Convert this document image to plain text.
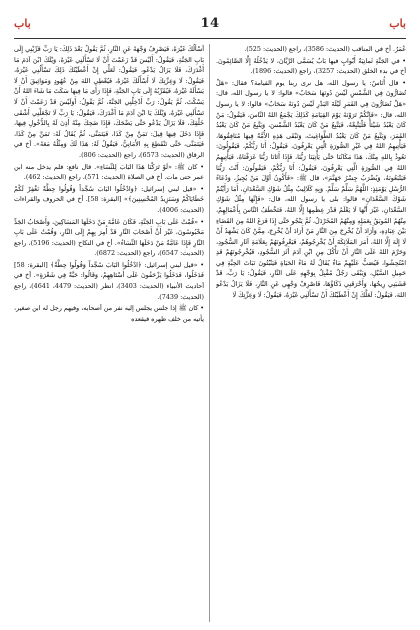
باب	14	باب

أَسْأَلُكَ غَيْرَهُ، فَيَصْرِفُ وَجْهَهُ عَنِ النَّارِ، ثُمَّ يَقُولُ بَعْدَ ذَلِكَ: يَا رَبِّ قَرِّبْنِي إِلَى بَابِ الجَنَّةِ، فَيَقُولُ: أَلَيْسَ قَدْ زَعَمْتَ أَنْ لَا تَسْأَلَنِي غَيْرَهُ، وَيْلَكَ ابْنَ آدَمَ مَا أَغْدَرَكَ، فَلَا يَزَالُ يَدْعُو، فَيَقُولُ: لَعَلِّي إِنْ أَعْطَيْتُكَ ذَلِكَ تَسْأَلُنِي غَيْرَهُ، فَيَقُولُ: لَا وَعِزَّتِكَ لَا أَسْأَلُكَ غَيْرَهُ، فَيُعْطِي اللهَ مِنْ عُهُودٍ وَمَوَاثِيقَ أَنْ لَا يَسْأَلَهُ غَيْرَهُ، فَيُقَرِّبُهُ إِلَى بَابِ الجَنَّةِ، فَإِذَا رَأَى مَا فِيهَا سَكَتَ مَا شَاءَ اللهُ أَنْ يَسْكُتَ، ثُمَّ يَقُولُ: رَبِّ أَدْخِلْنِي الجَنَّةَ، ثُمَّ يَقُولُ: أَوَلَيْسَ قَدْ زَعَمْتَ أَنْ لَا تَسْأَلَنِي غَيْرَهُ، وَيْلَكَ يَا ابْنَ آدَمَ مَا أَغْدَرَكَ، فَيَقُولُ: يَا رَبِّ لَا تَجْعَلْنِي أَشْقَى خَلْقِكَ، فَلَا يَزَالُ يَدْعُو حَتَّى يَضْحَكَ، فَإِذَا ضَحِكَ مِنْهُ أَذِنَ لَهُ بِالدُّخُولِ فِيهَا، فَإِذَا دَخَلَ فِيهَا قِيلَ: تَمَنَّ مِنْ كَذَا، فَيَتَمَنَّى، ثُمَّ يُقَالُ لَهُ: تَمَنَّ مِنْ كَذَا، فَيَتَمَنَّى، حَتَّى تَنْقَطِعَ بِهِ الأَمَانِيُّ، فَيَقُولُ لَهُ: هَذَا لَكَ وَمِثْلُهُ مَعَهُ». أخ في الرقاق (الحديث: 6573)، راجع (الحديث: 806).

• كان ﷺ: «لَوْ تَرَكْنَا هَذَا البَابَ لِلنِّسَاءِ». قال نافع: فلم يدخل منه ابن عمر حتى مات. أخ في الصلاة (الحديث: 571)، راجع (الحديث: 462).

• «قيل لبني إسرائيل: ﴿وَادْخُلُوا البَابَ سُجَّداً وَقُولُوا حِطَّةٌ نَغْفِرْ لَكُمْ خَطَايَاكُمْ وَسَنَزِيدُ المُحْسِنِينَ﴾» [البقرة: 58]. أخ في الحروف والقراءات (الحديث: 4006).

• «قُمْتُ عَلَى بَابِ الجَنَّةِ، فَكَانَ عَامَّةَ مَنْ دَخَلَهَا المَسَاكِينَ، وَأَصْحَابُ الجَدِّ مَحْبُوسُونَ، غَيْرَ أَنَّ أَصْحَابَ النَّارِ قَدْ أُمِرَ بِهِمْ إِلَى النَّارِ، وَقُمْتُ عَلَى بَابِ النَّارِ فَإِذَا عَامَّةُ مَنْ دَخَلَهَا النِّسَاءُ». أخ في النكاح (الحديث: 5196)، راجع (الحديث: 6547)، راجع (الحديث: 6872).

• «قيل لبني إسرائيل: ﴿ادْخُلُوا البَابَ سُجَّداً وَقُولُوا حِطَّةٌ﴾ [البقرة: 58] فَدَخَلُوا، فَدَخَلُوا يَزْحَفُونَ عَلَى أَسْتَاهِهِمْ، وَقَالُوا: حَبَّةٌ فِي شَعْرَةٍ». أخ في أحاديث الأنبياء (الحديث: 3403)، انظر (الحديث: 4479، 4641)، راجع (الحديث: 7439).

• كان ﷺ إذا جلس يجلس إليه نفر من أصحابه، وفيهم رجل له ابن صغير، يأتيه من خلف ظهره فيقعده

عُمَرُ. أخ في المناقب (الحديث: 3586)، راجع (الحديث: 525).

• في الجَنَّةِ ثَمانِيَةُ أَبْوابٍ فيها بَابٌ يُسَمَّى الرَّيَّانَ، لا يَدْخُلُهُ إِلَّا الصَّائِمُونَ. أخ في بدء الخلق (الحديث: 3257)، راجع (الحديث: 1896).

• قال أُنَاسٌ: يا رسول الله، هل نرى ربنا يوم القيامة؟ فقال: «هَلْ تُضَارُّونَ فِي الشَّمْسِ لَيْسَ دُونَهَا سَحَابٌ» قالوا: لا يا رسول الله، قال: «هَلْ تُضَارُّونَ فِي القَمَرِ لَيْلَةَ البَدْرِ لَيْسَ دُونَهُ سَحَابٌ» قالوا: لا يا رسول الله، قال: «فَإِنَّكُمْ تَرَوْنَهُ يَوْمَ القِيَامَةِ كَذَلِكَ يَجْمَعُ اللهُ النَّاسَ، فَيَقُولُ: مَنْ كَانَ يَعْبُدُ شَيْئاً فَلْيَتَّبِعْهُ، فَيَتَّبِعُ مَنْ كَانَ يَعْبُدُ الشَّمْسَ، وَيَتَّبِعُ مَنْ كَانَ يَعْبُدُ القَمَرَ، وَيَتَّبِعُ مَنْ كَانَ يَعْبُدُ الطَّوَاغِيتَ، وَتَبْقَى هَذِهِ الأُمَّةُ فِيهَا مُنَافِقُوهَا، فَيَأْتِيهِمُ اللهُ فِي غَيْرِ الصُّورَةِ الَّتِي يَعْرِفُونَ، فَيَقُولُ: أَنَا رَبُّكُمْ، فَيَقُولُونَ: نَعُوذُ بِاللهِ مِنْكَ، هَذَا مَكَانُنَا حَتَّى يَأْتِيَنَا رَبُّنَا، فَإِذَا أَتَانَا رَبُّنَا عَرَفْنَاهُ، فَيَأْتِيهِمُ اللهُ فِي الصُّورَةِ الَّتِي يَعْرِفُونَ، فَيَقُولُ: أَنَا رَبُّكُمْ، فَيَقُولُونَ: أَنْتَ رَبُّنَا فَيَتْبَعُونَهُ، وَيُضْرَبُ جِسْرُ جَهَنَّمَ»، قال ﷺ: «فَأَكُونُ أَوَّلَ مَنْ يُجِيزُ، وَدُعَاءُ الرُّسُلِ يَوْمَئِذٍ: اللَّهُمَّ سَلِّمْ سَلِّمْ. وَبِهِ كَلَالِيبُ مِثْلُ شَوْكِ السَّعْدَانِ، أَمَا رَأَيْتُمْ شَوْكَ السَّعْدَانِ» قالوا: بلى يا رسول الله، قال: «فَإِنَّهَا مِثْلُ شَوْكِ السَّعْدَانِ، غَيْرَ أَنَّهَا لَا يَعْلَمُ قَدْرَ عِظَمِهَا إِلَّا اللهُ، فَتَخْطَفُ النَّاسَ بِأَعْمَالِهِمْ، مِنْهُمُ المُوبَقُ بِعَمَلِهِ وَمِنْهُمُ المُخَرْدَلُ، ثُمَّ يَنْجُو حَتَّى إِذَا فَرَغَ اللهُ مِنَ القَضَاءِ بَيْنَ عِبَادِهِ، وَأَرَادَ أَنْ يُخْرِجَ مِنَ النَّارِ مَنْ أَرَادَ أَنْ يُخْرِجَ، مِمَّنْ كَانَ يَشْهَدُ أَنْ لَا إِلَهَ إِلَّا اللهُ، أَمَرَ المَلَائِكَةَ أَنْ يُخْرِجُوهُمْ، فَيَعْرِفُونَهُمْ بِعَلَامَةِ آثَارِ السُّجُودِ، وَحَرَّمَ اللهُ عَلَى النَّارِ أَنْ تَأْكُلَ مِنِ ابْنِ آدَمَ أَثَرَ السُّجُودِ، فَيُخْرِجُونَهُمْ قَدِ امْتُحِشُوا، فَيُصَبُّ عَلَيْهِمْ مَاءٌ يُقَالُ لَهُ مَاءُ الحَيَاةِ فَيَنْبُتُونَ نَبَاتَ الحِبَّةِ فِي حَمِيلِ السَّيْلِ، وَيَبْقَى رَجُلٌ مُقْبِلٌ بِوَجْهِهِ عَلَى النَّارِ، فَيَقُولُ: يَا رَبِّ، قَدْ قَشَبَنِي رِيحُهَا، وَأَحْرَقَنِي ذَكَاؤُهَا، فَاصْرِفْ وَجْهِي عَنِ النَّارِ، فَلَا يَزَالُ يَدْعُو اللهَ، فَيَقُولُ: لَعَلَّكَ إِنْ أَعْطَيْتُكَ أَنْ تَسْأَلَنِي غَيْرَهُ، فَيَقُولُ: لَا وَعِزَّتِكَ لَا
